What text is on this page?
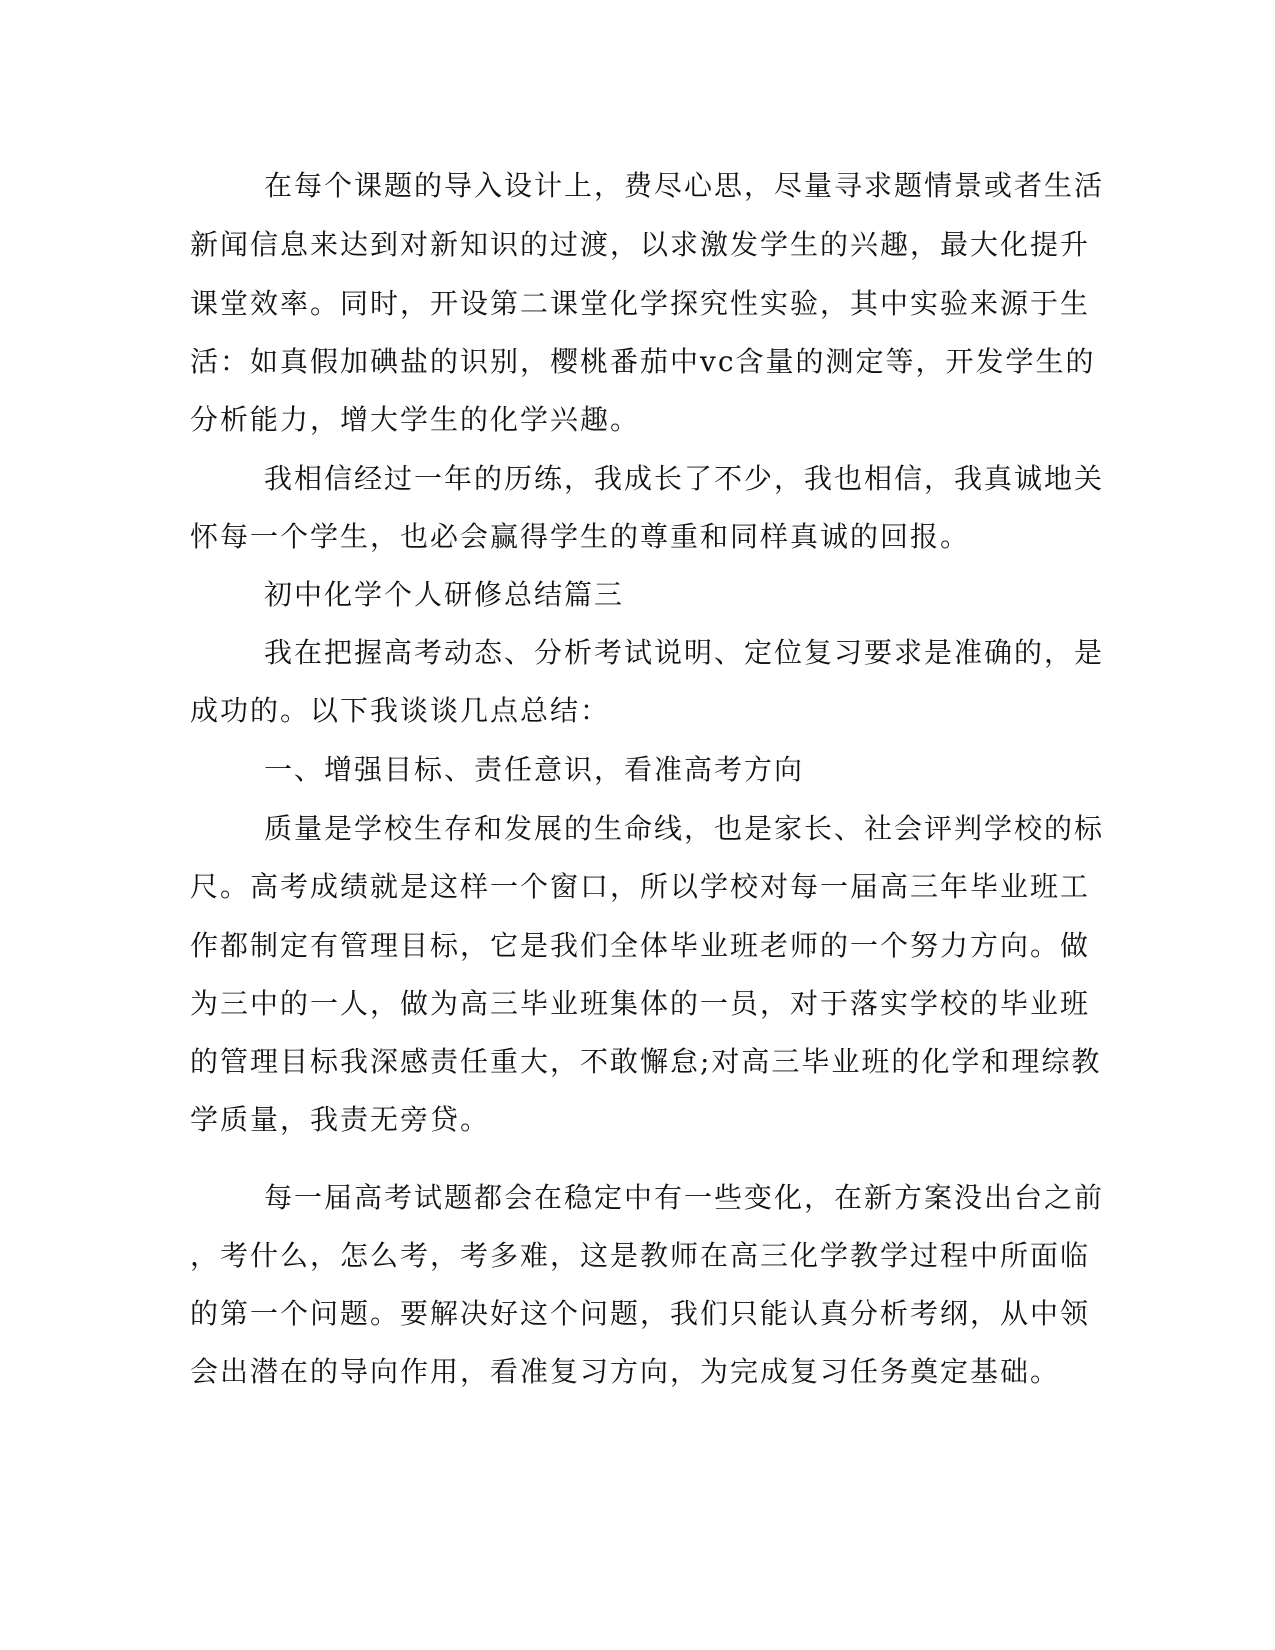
在每个课题的导入设计上，费尽心思，尽量寻求题情景或者生活
新闻信息来达到对新知识的过渡，以求激发学生的兴趣，最大化提升
课堂效率。同时，开设第二课堂化学探究性实验，其中实验来源于生
活：如真假加碘盐的识别，樱桃番茄中vc含量的测定等，开发学生的
分析能力，增大学生的化学兴趣。
我相信经过一年的历练，我成长了不少，我也相信，我真诚地关
怀每一个学生，也必会赢得学生的尊重和同样真诚的回报。
初中化学个人研修总结篇三
我在把握高考动态、分析考试说明、定位复习要求是准确的，是
成功的。以下我谈谈几点总结：
一、增强目标、责任意识，看准高考方向
质量是学校生存和发展的生命线，也是家长、社会评判学校的标
尺。高考成绩就是这样一个窗口，所以学校对每一届高三年毕业班工
作都制定有管理目标，它是我们全体毕业班老师的一个努力方向。做
为三中的一人，做为高三毕业班集体的一员，对于落实学校的毕业班
的管理目标我深感责任重大，不敢懈怠;对高三毕业班的化学和理综教
学质量，我责无旁贷。
每一届高考试题都会在稳定中有一些变化，在新方案没出台之前
，考什么，怎么考，考多难，这是教师在高三化学教学过程中所面临
的第一个问题。要解决好这个问题，我们只能认真分析考纲，从中领
会出潜在的导向作用，看准复习方向，为完成复习任务奠定基础。
